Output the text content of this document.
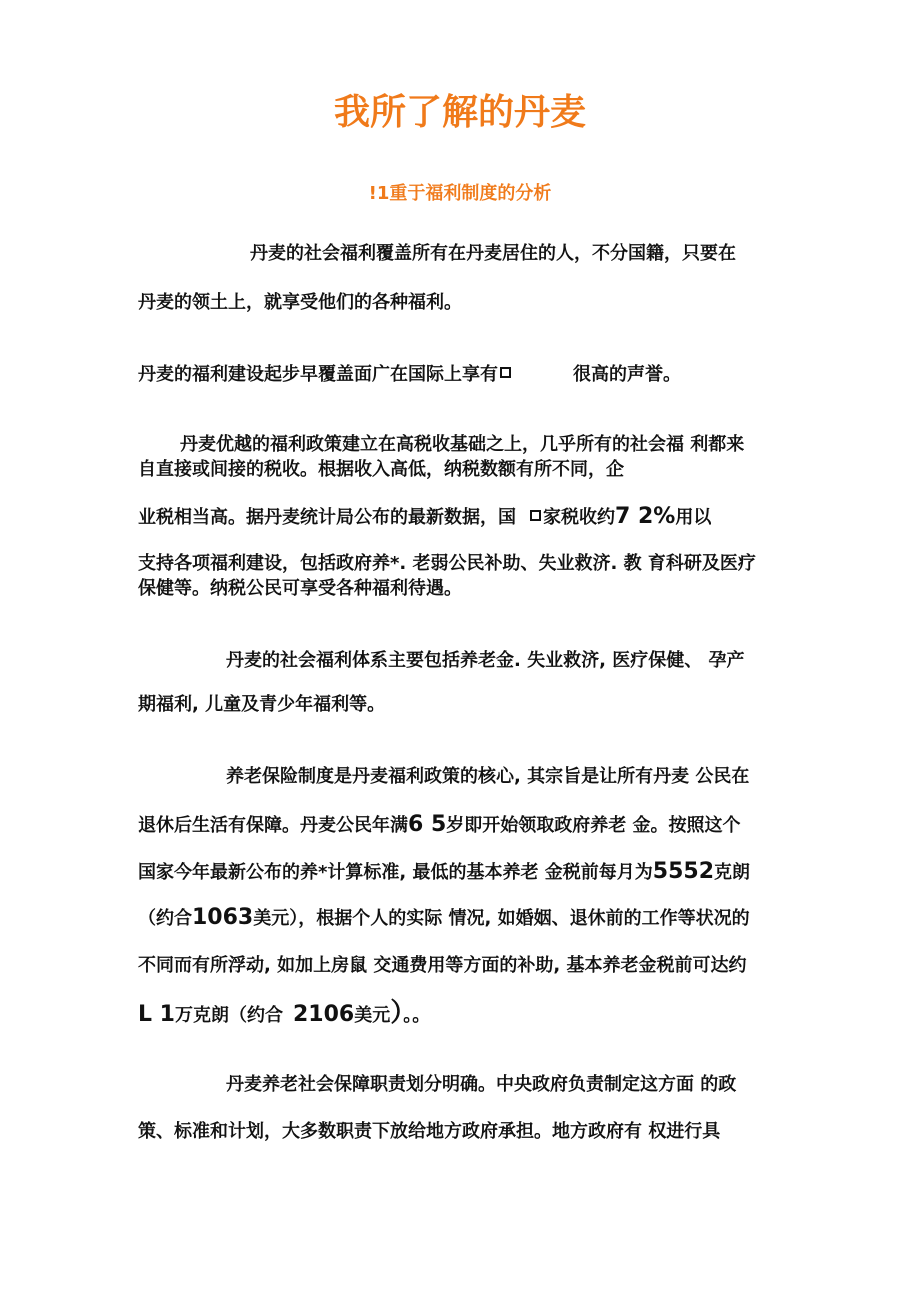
我所了解的丹麦
!1重于福利制度的分析
丹麦的社会福利覆盖所有在丹麦居住的人，不分国籍，只要在
丹麦的领土上，就享受他们的各种福利。
丹麦的福利建设起步早覆盖面广在国际上享有	很高的声誉。
丹麦优越的福利政策建立在高税收基础之上，几乎所有的社会福 利都来
自直接或间接的税收。根据收入高低，纳税数额有所不同，企
业税相当高。据丹麦统计局公布的最新数据，国 家税收约7 2%用以
支持各项福利建设，包括政府养*. 老弱公民补助、失业救济. 教 育科研及医疗
保健等。纳税公民可享受各种福利待遇。
丹麦的社会福利体系主要包括养老金. 失业救济, 医疗保健、 孕产
期福利, 儿童及青少年福利等。
养老保险制度是丹麦福利政策的核心, 其宗旨是让所有丹麦 公民在
退休后生活有保障。丹麦公民年满6 5岁即开始领取政府养老 金。按照这个
国家今年最新公布的养*计算标准, 最低的基本养老 金税前每月为5552克朗
（约合1063美元），根据个人的实际 情况, 如婚姻、退休前的工作等状况的
不同而有所浮动, 如加上房鼠 交通费用等方面的补助, 基本养老金税前可达约
L 1万克朗（约合 2106美元）。。
丹麦养老社会保障职责划分明确。中央政府负责制定这方面 的政
策、标准和计划，大多数职责下放给地方政府承担。地方政府有 权进行具
